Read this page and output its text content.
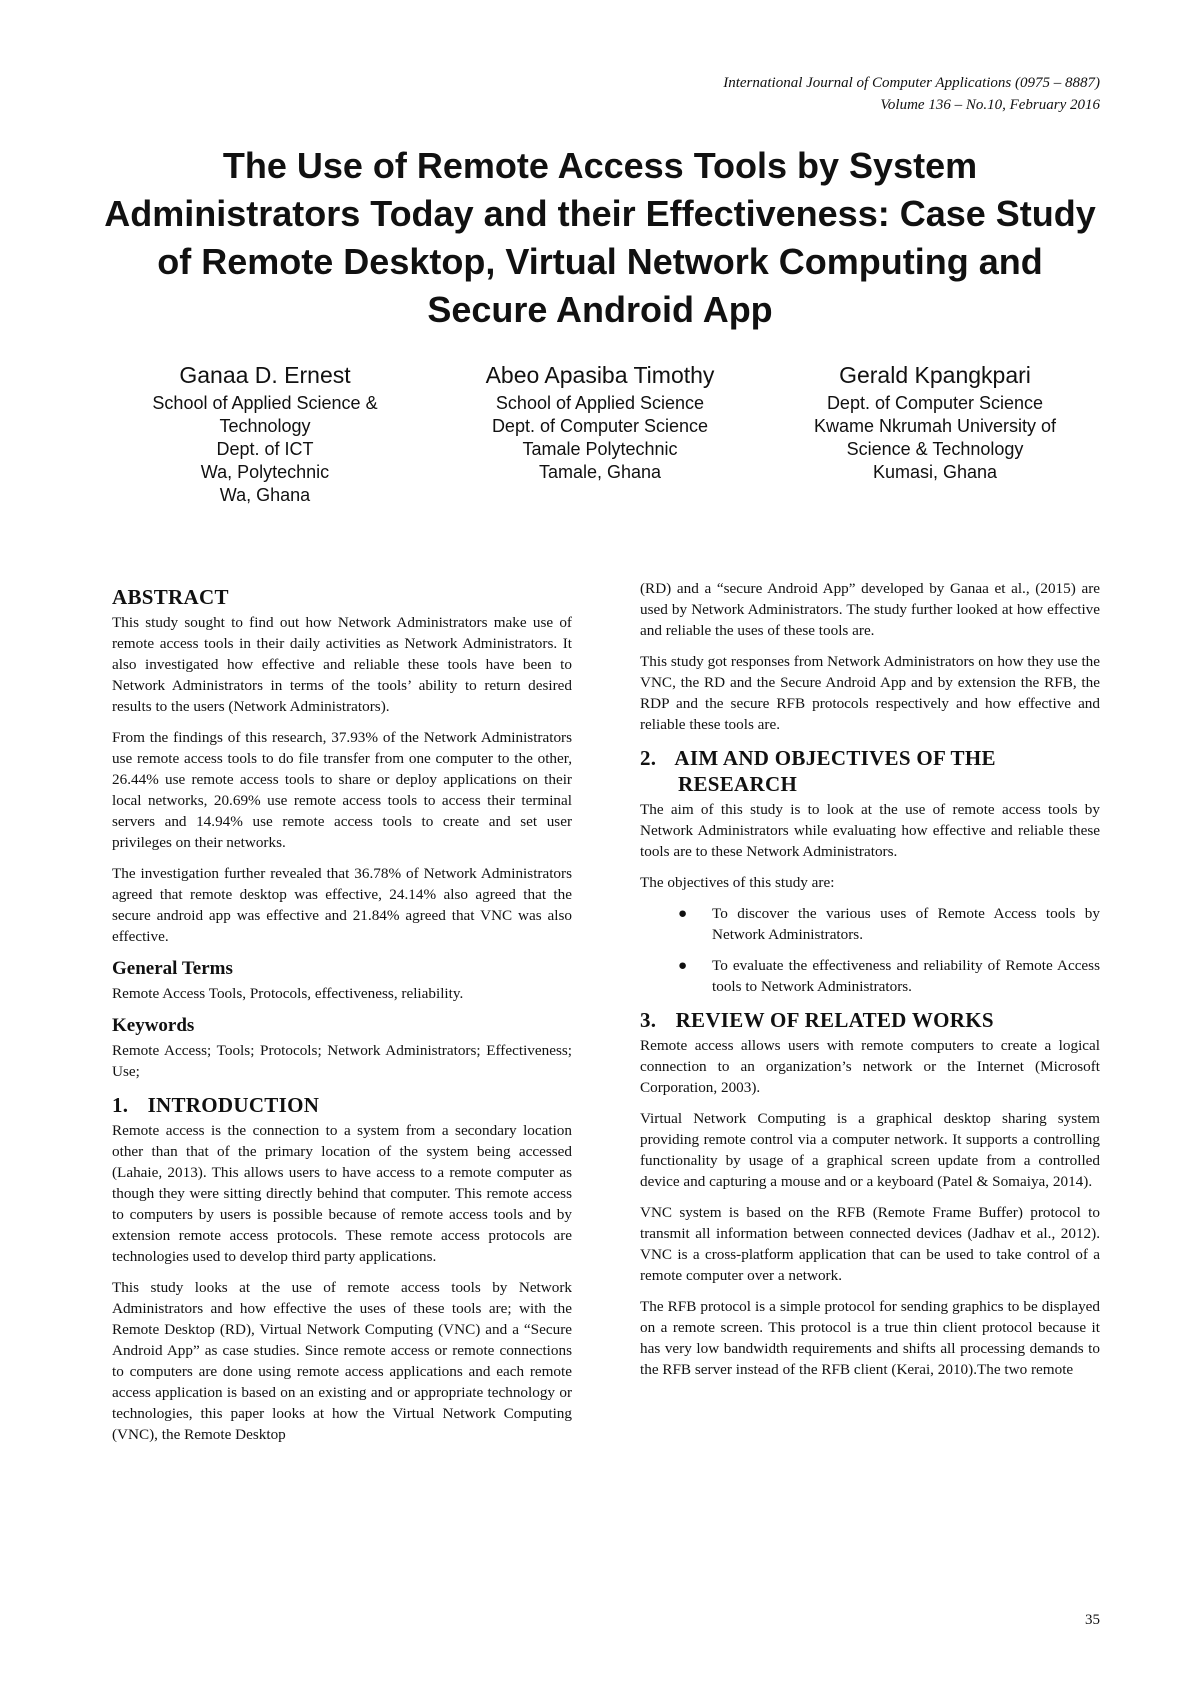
International Journal of Computer Applications (0975 – 8887)
Volume 136 – No.10, February 2016
The Use of Remote Access Tools by System Administrators Today and their Effectiveness: Case Study of Remote Desktop, Virtual Network Computing and Secure Android App
Ganaa D. Ernest
School of Applied Science &
Technology
Dept. of ICT
Wa, Polytechnic
Wa, Ghana
Abeo Apasiba Timothy
School of Applied Science
Dept. of Computer Science
Tamale Polytechnic
Tamale, Ghana
Gerald Kpangkpari
Dept. of Computer Science
Kwame Nkrumah University of
Science & Technology
Kumasi, Ghana
ABSTRACT

This study sought to find out how Network Administrators make use of remote access tools in their daily activities as Network Administrators. It also investigated how effective and reliable these tools have been to Network Administrators in terms of the tools’ ability to return desired results to the users (Network Administrators).

From the findings of this research, 37.93% of the Network Administrators use remote access tools to do file transfer from one computer to the other, 26.44% use remote access tools to share or deploy applications on their local networks, 20.69% use remote access tools to access their terminal servers and 14.94% use remote access tools to create and set user privileges on their networks.

The investigation further revealed that 36.78% of Network Administrators agreed that remote desktop was effective, 24.14% also agreed that the secure android app was effective and 21.84% agreed that VNC was also effective.

General Terms

Remote Access Tools, Protocols, effectiveness, reliability.

Keywords

Remote Access; Tools; Protocols; Network Administrators; Effectiveness; Use;

1. INTRODUCTION

Remote access is the connection to a system from a secondary location other than that of the primary location of the system being accessed (Lahaie, 2013). This allows users to have access to a remote computer as though they were sitting directly behind that computer. This remote access to computers by users is possible because of remote access tools and by extension remote access protocols. These remote access protocols are technologies used to develop third party applications.

This study looks at the use of remote access tools by Network Administrators and how effective the uses of these tools are; with the Remote Desktop (RD), Virtual Network Computing (VNC) and a “Secure Android App” as case studies. Since remote access or remote connections to computers are done using remote access applications and each remote access application is based on an existing and or appropriate technology or technologies, this paper looks at how the Virtual Network Computing (VNC), the Remote Desktop

(RD) and a “secure Android App” developed by Ganaa et al., (2015) are used by Network Administrators. The study further looked at how effective and reliable the uses of these tools are.

This study got responses from Network Administrators on how they use the VNC, the RD and the Secure Android App and by extension the RFB, the RDP and the secure RFB protocols respectively and how effective and reliable these tools are.

2. AIM AND OBJECTIVES OF THE
RESEARCH

The aim of this study is to look at the use of remote access tools by Network Administrators while evaluating how effective and reliable these tools are to these Network Administrators.

The objectives of this study are:

● To discover the various uses of Remote Access tools by Network Administrators.
● To evaluate the effectiveness and reliability of Remote Access tools to Network Administrators.
3. REVIEW OF RELATED WORKS

Remote access allows users with remote computers to create a logical connection to an organization’s network or the Internet (Microsoft Corporation, 2003).

Virtual Network Computing is a graphical desktop sharing system providing remote control via a computer network. It supports a controlling functionality by usage of a graphical screen update from a controlled device and capturing a mouse and or a keyboard (Patel & Somaiya, 2014).

VNC system is based on the RFB (Remote Frame Buffer) protocol to transmit all information between connected devices (Jadhav et al., 2012). VNC is a cross-platform application that can be used to take control of a remote computer over a network.

The RFB protocol is a simple protocol for sending graphics to be displayed on a remote screen. This protocol is a true thin client protocol because it has very low bandwidth requirements and shifts all processing demands to the RFB server instead of the RFB client (Kerai, 2010).The two remote

35
